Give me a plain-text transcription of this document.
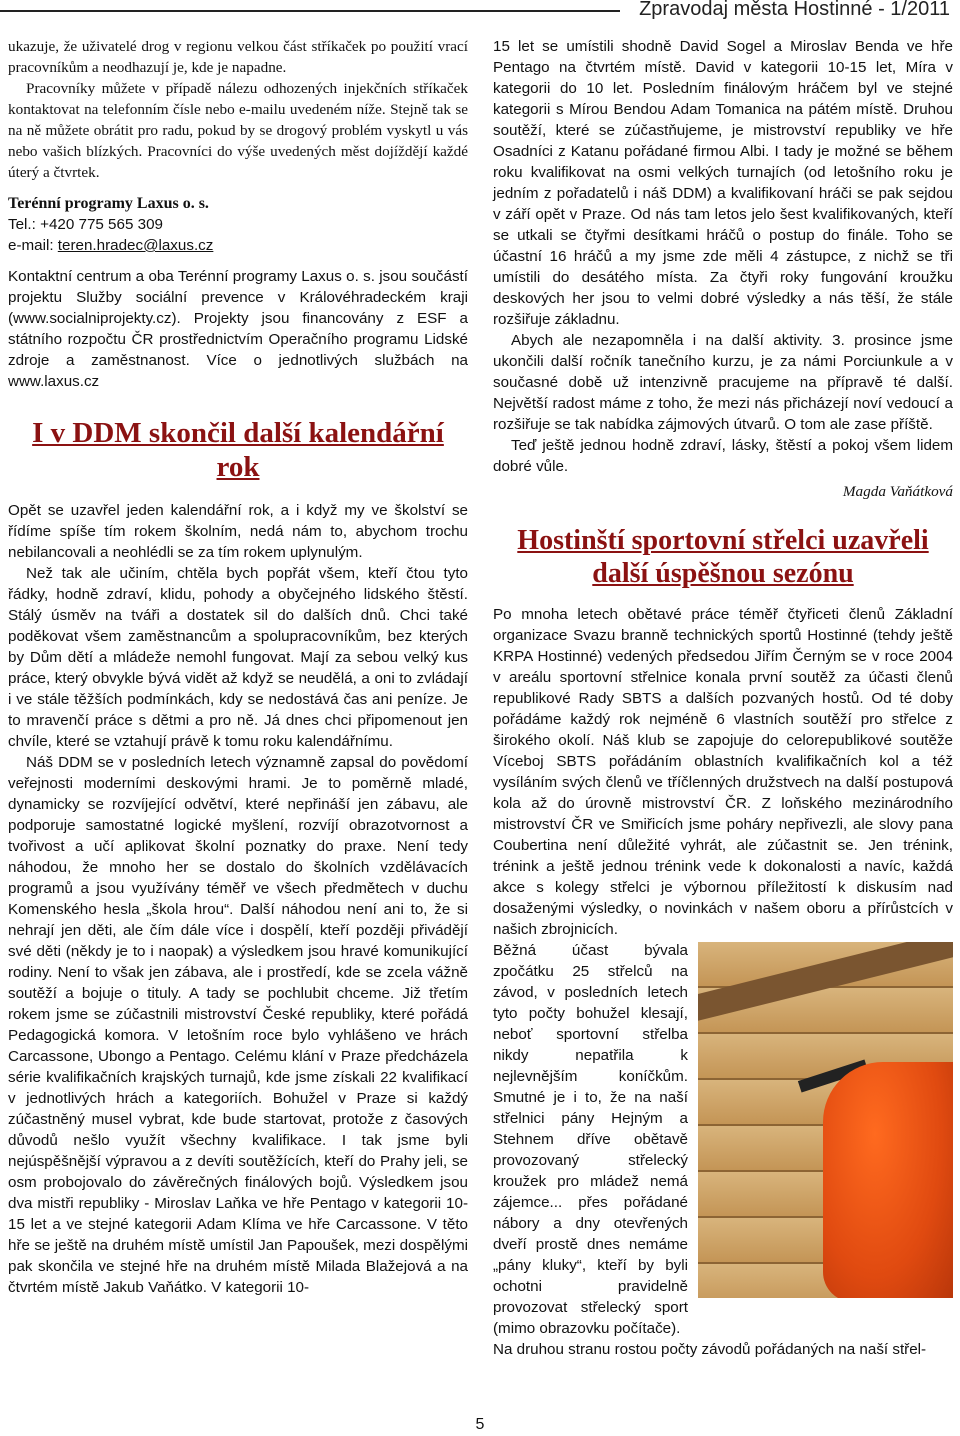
Zpravodaj města Hostinné - 1/2011

ukazuje, že uživatelé drog v regionu velkou část stříkaček po použití vrací pracovníkům a neodhazují je, kde je napadne.

Pracovníky můžete v případě nálezu odhozených injekčních stříkaček kontaktovat na telefonním čísle nebo e-mailu uvedeném níže. Stejně tak se na ně můžete obrátit pro radu, pokud by se drogový problém vyskytl u vás nebo vašich blízkých. Pracovníci do výše uvedených měst dojíždějí každé úterý a čtvrtek.

Terénní programy Laxus o. s.

Tel.: +420 775 565 309

e-mail: teren.hradec@laxus.cz

Kontaktní centrum a oba Terénní programy Laxus o. s. jsou součástí projektu Služby sociální prevence v Královéhradeckém kraji (www.socialniprojekty.cz). Projekty jsou financovány z ESF a státního rozpočtu ČR prostřednictvím Operačního programu Lidské zdroje a zaměstnanost. Více o jednotlivých službách na www.laxus.cz

I v DDM skončil další kalendářní rok

Opět se uzavřel jeden kalendářní rok, a i když my ve školství se řídíme spíše tím rokem školním, nedá nám to, abychom trochu nebilancovali a neohlédli se za tím rokem uplynulým.

Než tak ale učiním, chtěla bych popřát všem, kteří čtou tyto řádky, hodně zdraví, klidu, pohody a obyčejného lidského štěstí. Stálý úsměv na tváři a dostatek sil do dalších dnů. Chci také poděkovat všem zaměstnancům a spolupracovníkům, bez kterých by Dům dětí a mládeže nemohl fungovat. Mají za sebou velký kus práce, který obvykle bývá vidět až když se neudělá, a oni to zvládají i ve stále těžších podmínkách, kdy se nedostává čas ani peníze. Je to mravenčí práce s dětmi a pro ně. Já dnes chci připomenout jen chvíle, které se vztahují právě k tomu roku kalendářnímu.

Náš DDM se v posledních letech významně zapsal do povědomí veřejnosti moderními deskovými hrami. Je to poměrně mladé, dynamicky se rozvíjející odvětví, které nepřináší jen zábavu, ale podporuje samostatné logické myšlení, rozvíjí obrazotvornost a tvořivost a učí aplikovat školní poznatky do praxe. Není tedy náhodou, že mnoho her se dostalo do školních vzdělávacích programů a jsou využívány téměř ve všech předmětech v duchu Komenského hesla „škola hrou“. Další náhodou není ani to, že si nehrají jen děti, ale čím dále více i dospělí, kteří později přivádějí své děti (někdy je to i naopak) a výsledkem jsou hravé komunikující rodiny. Není to však jen zábava, ale i prostředí, kde se zcela vážně soutěží a bojuje o tituly. A tady se pochlubit chceme. Již třetím rokem jsme se zúčastnili mistrovství České republiky, které pořádá Pedagogická komora. V letošním roce bylo vyhlášeno ve hrách Carcassone, Ubongo a Pentago. Celému klání v Praze předcházela série kvalifikačních krajských turnajů, kde jsme získali 22 kvalifikací v jednotlivých hrách a kategoriích. Bohužel v Praze si každý zúčastněný musel vybrat, kde bude startovat, protože z časových důvodů nešlo využít všechny kvalifikace. I tak jsme byli nejúspěšnější výpravou a z devíti soutěžících, kteří do Prahy jeli, se osm probojovalo do závěrečných finálových bojů. Výsledkem jsou dva mistři republiky - Miroslav Laňka ve hře Pentago v kategorii 10-15 let a ve stejné kategorii Adam Klíma ve hře Carcassone. V těto hře se ještě na druhém místě umístil Jan Papoušek, mezi dospělými pak skončila ve stejné hře na druhém místě Milada Blažejová a na čtvrtém místě Jakub Vaňátko. V kategorii 10-

15 let se umístili shodně David Sogel a Miroslav Benda ve hře Pentago na čtvrtém místě. David v kategorii 10-15 let, Míra v kategorii do 10 let. Posledním finálovým hráčem byl ve stejné kategorii s Mírou Bendou Adam Tomanica na pátém místě. Druhou soutěží, které se zúčastňujeme, je mistrovství republiky ve hře Osadníci z Katanu pořádané firmou Albi. I tady je možné se během roku kvalifikovat na osmi velkých turnajích (od letošního roku je jedním z pořadatelů i náš DDM) a kvalifikovaní hráči se pak sejdou v září opět v Praze. Od nás tam letos jelo šest kvalifikovaných, kteří se utkali se čtyřmi desítkami hráčů o postup do finále. Toho se účastní 16 hráčů a my jsme zde měli 4 zástupce, z nichž se tři umístili do desátého místa. Za čtyři roky fungování kroužku deskových her jsou to velmi dobré výsledky a nás těší, že stále rozšiřuje základnu.

Abych ale nezapomněla i na další aktivity. 3. prosince jsme ukončili další ročník tanečního kurzu, je za námi Porciunkule a v současné době už intenzivně pracujeme na přípravě té další. Největší radost máme z toho, že mezi nás přicházejí noví vedoucí a rozšiřuje se tak nabídka zájmových útvarů. O tom ale zase příště.

Teď ještě jednou hodně zdraví, lásky, štěstí a pokoj všem lidem dobré vůle.

Magda Vaňátková

Hostinští sportovní střelci uzavřeli další úspěšnou sezónu

Po mnoha letech obětavé práce téměř čtyřiceti členů Základní organizace Svazu branně technických sportů Hostinné (tehdy ještě KRPA Hostinné) vedených předsedou Jiřím Černým se v roce 2004 v areálu sportovní střelnice konala první soutěž za účasti členů republikové Rady SBTS a dalších pozvaných hostů. Od té doby pořádáme každý rok nejméně 6 vlastních soutěží pro střelce z širokého okolí. Náš klub se zapojuje do celorepublikové soutěže Víceboj SBTS pořádáním oblastních kvalifikačních kol a též vysíláním svých členů ve tříčlenných družstvech na další postupová kola až do úrovně mistrovství ČR. Z loňského mezinárodního mistrovství ČR ve Smiřicích jsme poháry nepřivezli, ale slovy pana Coubertina není důležité vyhrát, ale zúčastnit se. Jen trénink, trénink a ještě jednou trénink vede k dokonalosti a navíc, každá akce s kolegy střelci je výbornou příležitostí k diskusím nad dosaženými výsledky, o novinkách v našem oboru a přírůstcích v našich zbrojnicích.

Běžná účast bývala zpočátku 25 střelců na závod, v posledních letech tyto počty bohužel klesají, neboť sportovní střelba nikdy nepatřila k nejlevnějším koníčkům. Smutné je i to, že na naší střelnici pány Hejným a Stehnem dříve obětavě provozovaný střelecký kroužek pro mládež nemá zájemce... přes pořádané nábory a dny otevřených dveří prostě dnes nemáme „pány kluky“, kteří by byli ochotni pravidelně provozovat střelecký sport (mimo obrazovku počítače).

Na druhou stranu rostou počty závodů pořádaných na naší střel-

5
